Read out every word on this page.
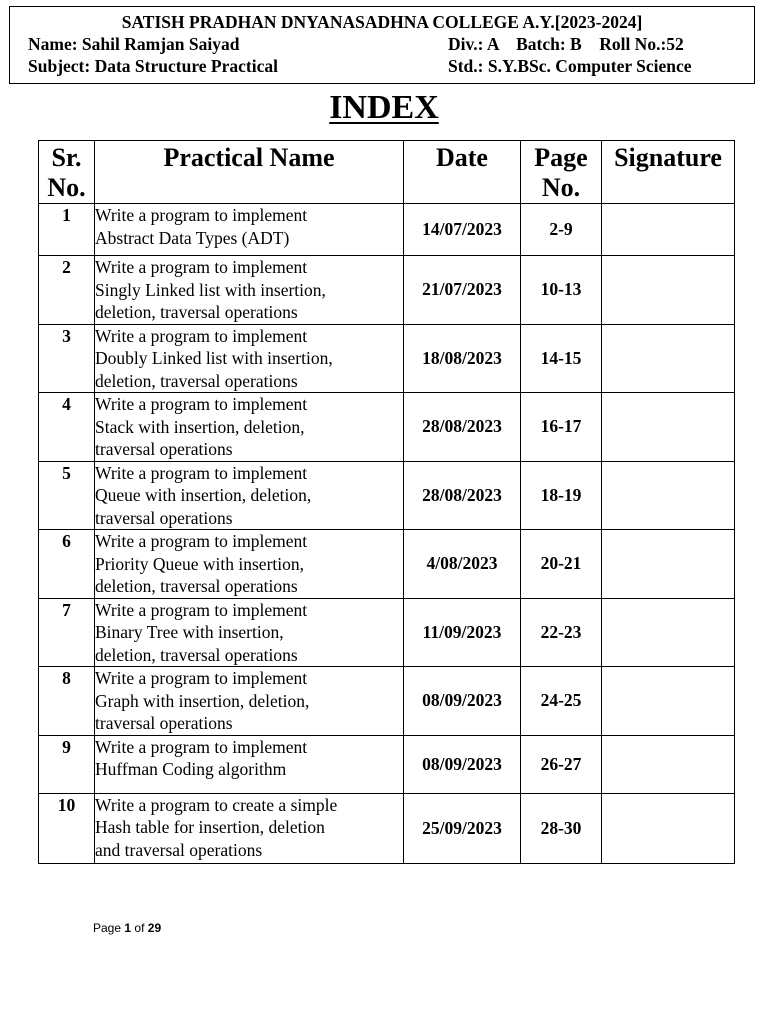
SATISH PRADHAN DNYANASADHNA COLLEGE A.Y.[2023-2024]
Name: Sahil Ramjan Saiyad	Div.: A    Batch: B    Roll No.:52
Subject: Data Structure Practical	Std.: S.Y.BSc. Computer Science
INDEX
Sr. No.	Practical Name	Date	Page No.	Signature
1	Write a program to implement
Abstract Data Types (ADT)	14/07/2023	2-9	
2	Write a program to implement
Singly Linked list with insertion,
deletion, traversal operations	21/07/2023	10-13	
3	Write a program to implement
Doubly Linked list with insertion,
deletion, traversal operations	18/08/2023	14-15	
4	Write a program to implement
Stack with insertion, deletion,
traversal operations	28/08/2023	16-17	
5	Write a program to implement
Queue with insertion, deletion,
traversal operations	28/08/2023	18-19	
6	Write a program to implement
Priority Queue with insertion,
deletion, traversal operations	4/08/2023	20-21	
7	Write a program to implement
Binary Tree with insertion,
deletion, traversal operations	11/09/2023	22-23	
8	Write a program to implement
Graph with insertion, deletion,
traversal operations	08/09/2023	24-25	
9	Write a program to implement
Huffman Coding algorithm	08/09/2023	26-27	
10	Write a program to create a simple
Hash table for insertion, deletion
and traversal operations	25/09/2023	28-30	
Page 1 of 29
